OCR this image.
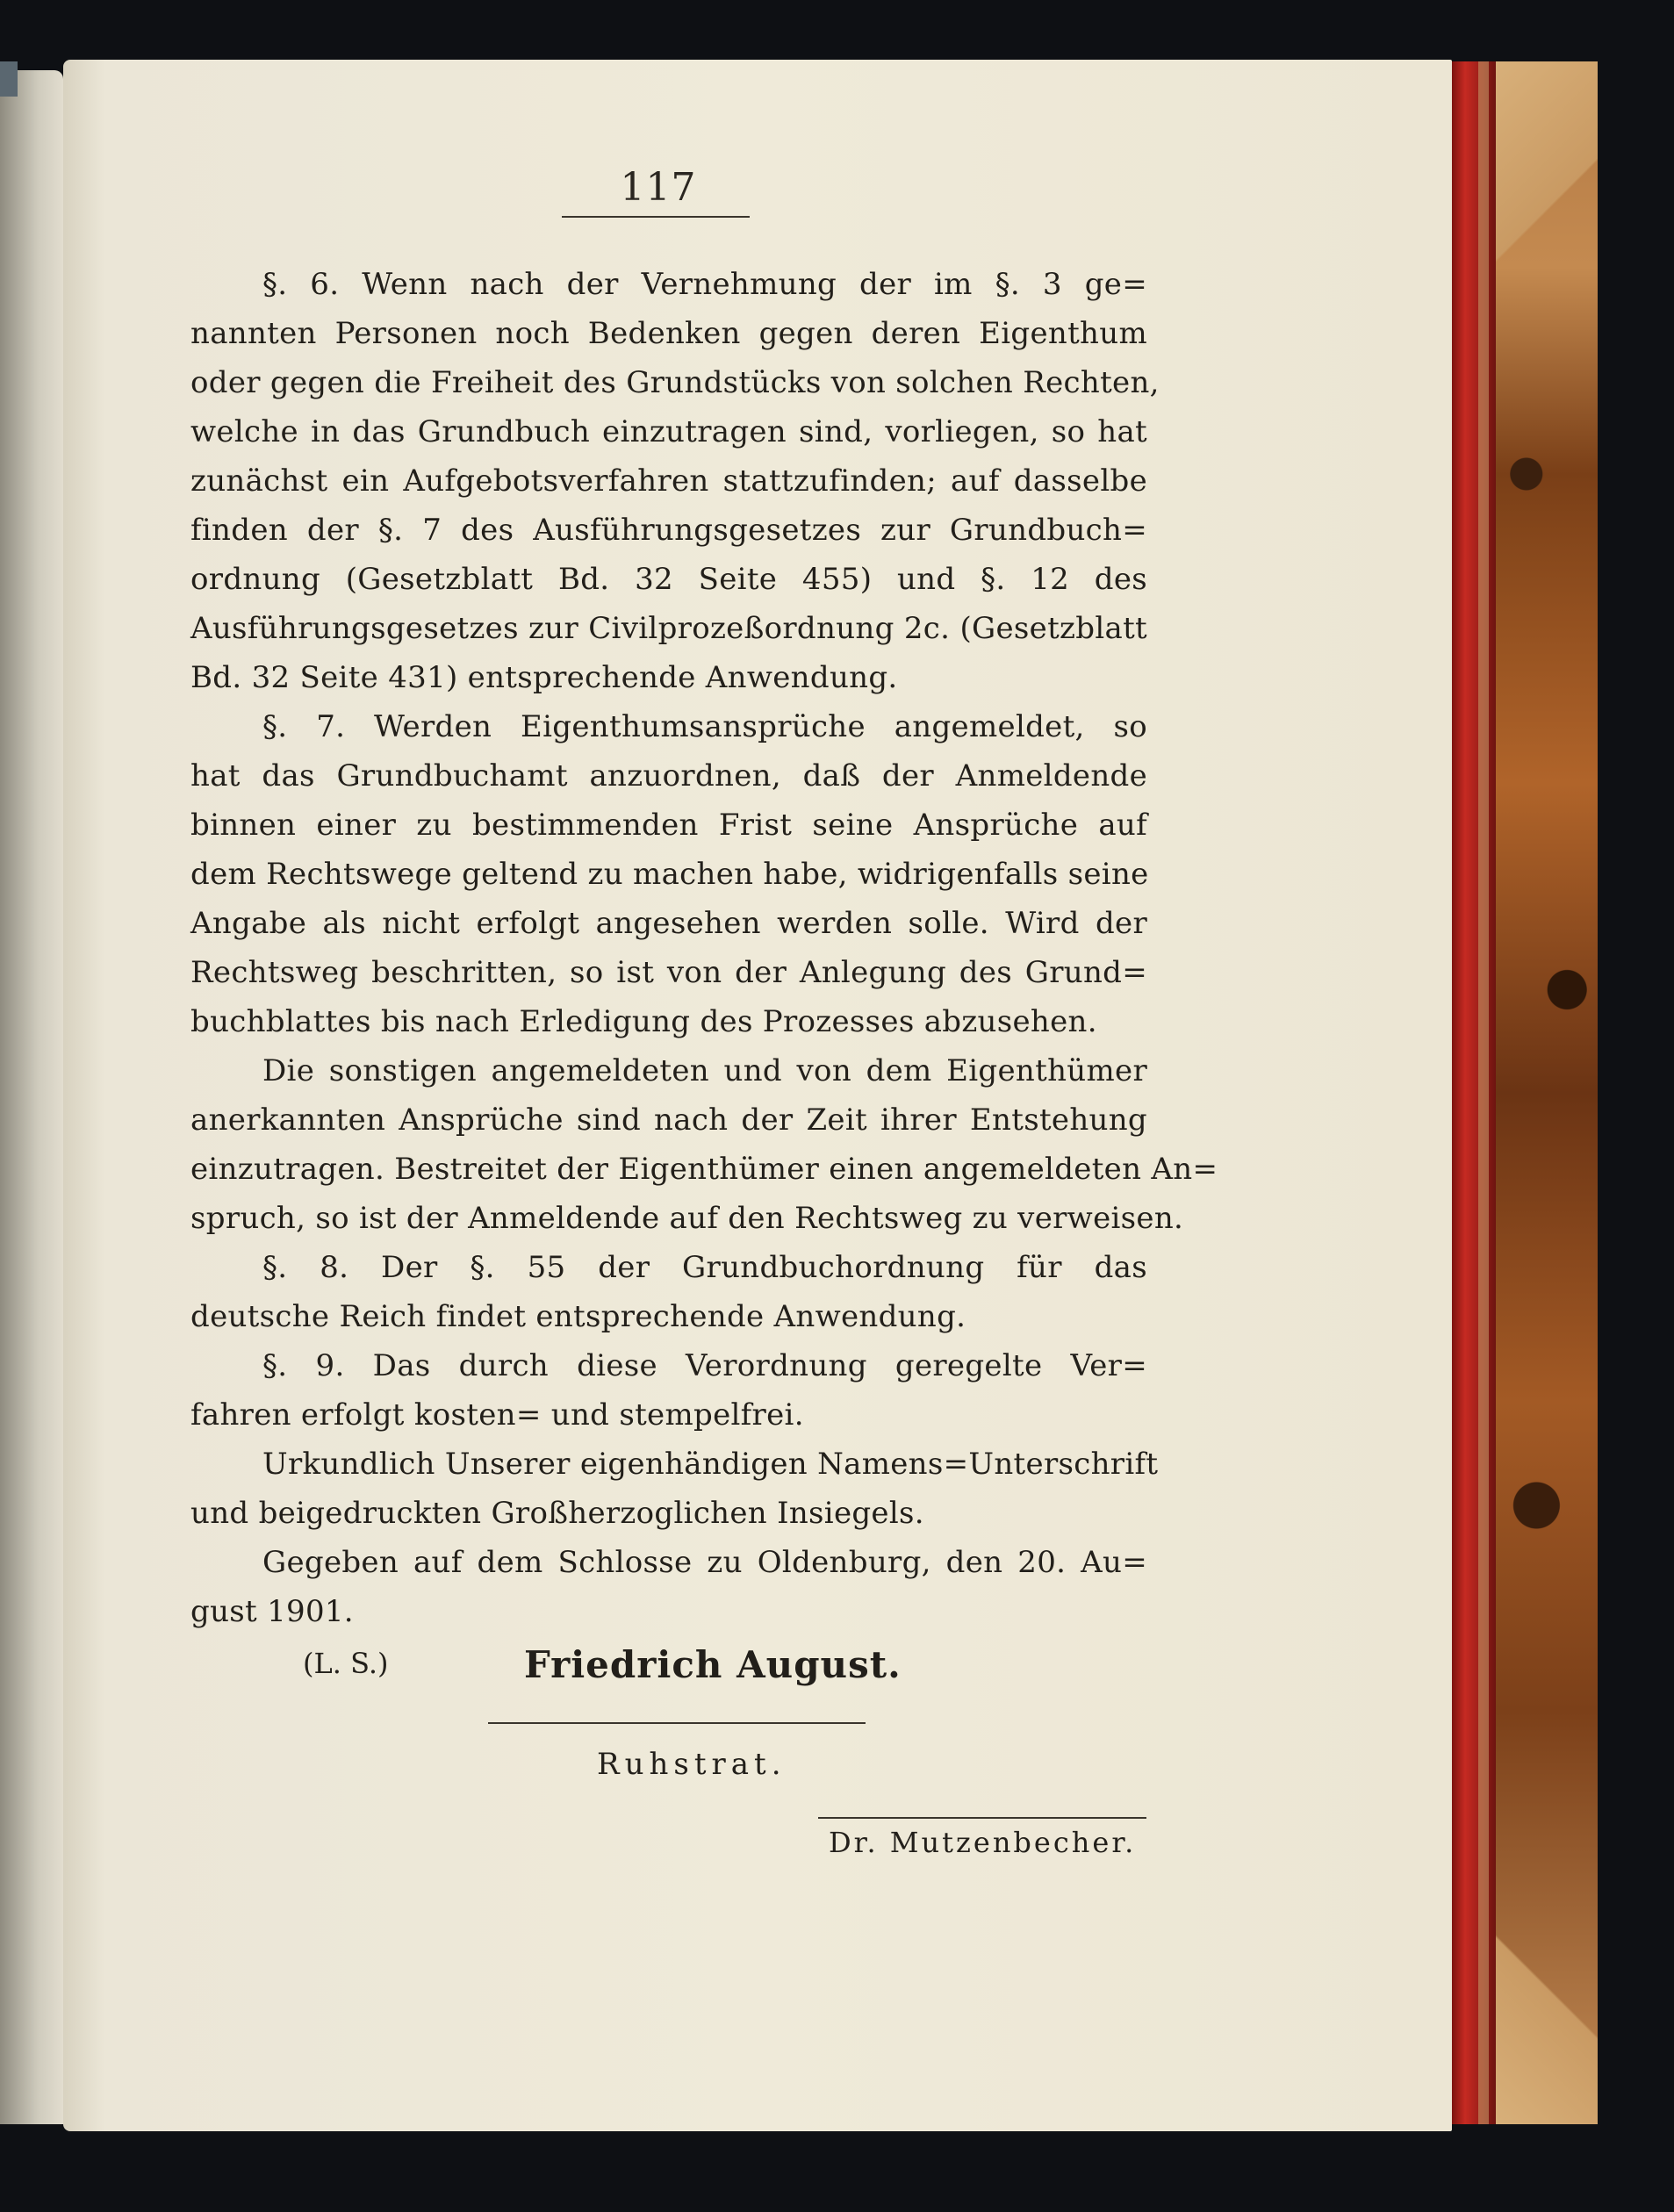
117
§. 6. Wenn nach der Vernehmung der im §. 3 ge=
nannten Personen noch Bedenken gegen deren Eigenthum
oder gegen die Freiheit des Grundstücks von solchen Rechten,
welche in das Grundbuch einzutragen sind, vorliegen, so hat
zunächst ein Aufgebotsverfahren stattzufinden; auf dasselbe
finden der §. 7 des Ausführungsgesetzes zur Grundbuch=
ordnung (Gesetzblatt Bd. 32 Seite 455) und §. 12 des
Ausführungsgesetzes zur Civilprozeßordnung 2c. (Gesetzblatt
Bd. 32 Seite 431) entsprechende Anwendung.
§. 7. Werden Eigenthumsansprüche angemeldet, so
hat das Grundbuchamt anzuordnen, daß der Anmeldende
binnen einer zu bestimmenden Frist seine Ansprüche auf
dem Rechtswege geltend zu machen habe, widrigenfalls seine
Angabe als nicht erfolgt angesehen werden solle. Wird der
Rechtsweg beschritten, so ist von der Anlegung des Grund=
buchblattes bis nach Erledigung des Prozesses abzusehen.
Die sonstigen angemeldeten und von dem Eigenthümer
anerkannten Ansprüche sind nach der Zeit ihrer Entstehung
einzutragen. Bestreitet der Eigenthümer einen angemeldeten An=
spruch, so ist der Anmeldende auf den Rechtsweg zu verweisen.
§. 8. Der §. 55 der Grundbuchordnung für das
deutsche Reich findet entsprechende Anwendung.
§. 9. Das durch diese Verordnung geregelte Ver=
fahren erfolgt kosten= und stempelfrei.
Urkundlich Unserer eigenhändigen Namens=Unterschrift
und beigedruckten Großherzoglichen Insiegels.
Gegeben auf dem Schlosse zu Oldenburg, den 20. Au=
gust 1901.
(L. S.)	Friedrich August.
Ruhstrat.
Dr. Mutzenbecher.
